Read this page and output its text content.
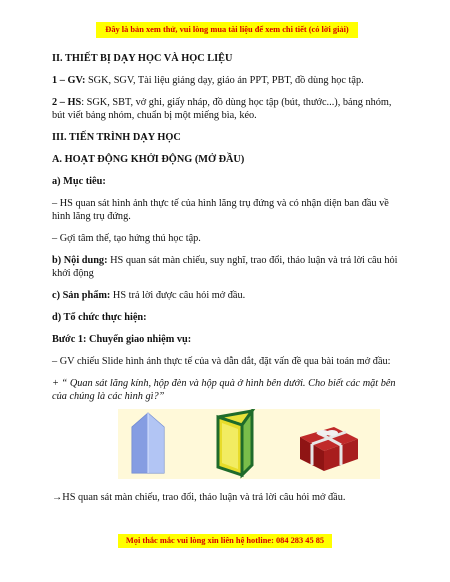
Đây là bản xem thử, vui lòng mua tài liệu để xem chi tiết (có lời giải)

II. THIẾT BỊ DẠY HỌC VÀ HỌC LIỆU

1 – GV: SGK, SGV, Tài liệu giảng dạy, giáo án PPT, PBT, đồ dùng học tập.

2 – HS: SGK, SBT, vở ghi, giấy nháp, đồ dùng học tập (bút, thước...), bảng nhóm, bút viết bảng nhóm, chuẩn bị một miếng bìa, kéo.

III. TIẾN TRÌNH DẠY HỌC

A. HOẠT ĐỘNG KHỞI ĐỘNG (MỞ ĐẦU)

a) Mục tiêu:

– HS quan sát hình ảnh thực tế của hình lăng trụ đứng và có nhận diện ban đầu về hình lăng trụ đứng.

– Gợi tâm thế, tạo hứng thú học tập.

b) Nội dung: HS quan sát màn chiếu, suy nghĩ, trao đổi, thảo luận và trả lời câu hỏi khởi động

c) Sản phẩm: HS trả lời được câu hỏi mở đầu.

d) Tổ chức thực hiện:

Bước 1: Chuyển giao nhiệm vụ:

– GV chiếu Slide hình ảnh thực tế của và dẫn dắt, đặt vấn đề qua bài toán mở đầu:

+ “ Quan sát lăng kính, hộp đèn và hộp quà ở hình bên dưới. Cho biết các mặt bên của chúng là các hình gì?”

→HS quan sát màn chiếu, trao đổi, thảo luận và trả lời câu hỏi mở đầu.

Mọi thắc mắc vui lòng xin liên hệ hotline: 084 283 45 85
